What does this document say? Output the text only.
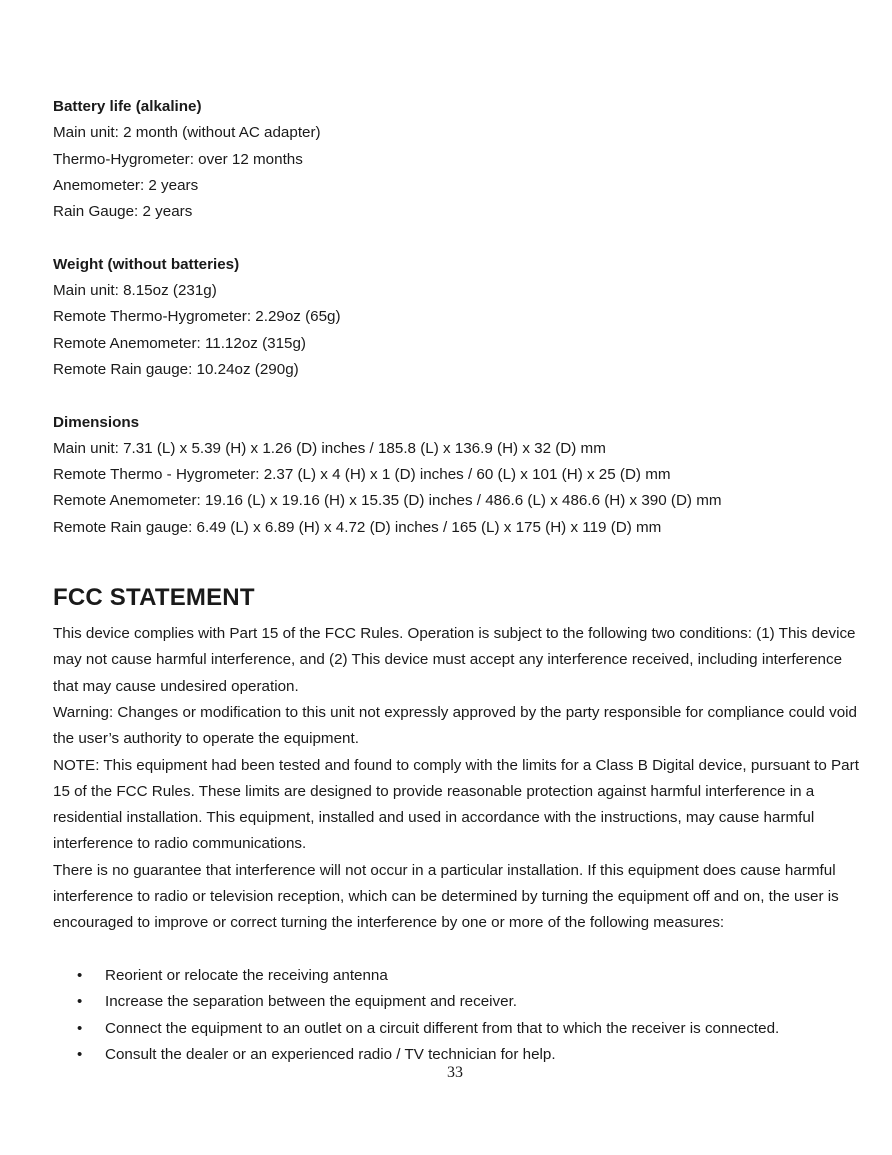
Battery life (alkaline)
Main unit: 2 month (without AC adapter)
Thermo-Hygrometer: over 12 months
Anemometer: 2 years
Rain Gauge: 2 years
Weight (without batteries)
Main unit: 8.15oz (231g)
Remote Thermo-Hygrometer: 2.29oz (65g)
Remote Anemometer: 11.12oz (315g)
Remote Rain gauge: 10.24oz (290g)
Dimensions
Main unit: 7.31 (L) x 5.39 (H) x 1.26 (D) inches / 185.8 (L) x 136.9 (H) x 32 (D) mm
Remote Thermo - Hygrometer: 2.37 (L) x 4 (H) x 1 (D) inches / 60 (L) x 101 (H) x 25 (D) mm
Remote Anemometer: 19.16 (L) x 19.16 (H) x 15.35 (D) inches / 486.6 (L) x 486.6 (H) x 390 (D) mm
Remote Rain gauge: 6.49 (L) x 6.89 (H) x 4.72 (D) inches / 165 (L) x 175 (H) x 119 (D) mm
FCC STATEMENT
This device complies with Part 15 of the FCC Rules. Operation is subject to the following two conditions: (1) This device may not cause harmful interference, and (2) This device must accept any interference received, including interference that may cause undesired operation.
Warning: Changes or modification to this unit not expressly approved by the party responsible for compliance could void the user’s authority to operate the equipment.
NOTE: This equipment had been tested and found to comply with the limits for a Class B Digital device, pursuant to Part 15 of the FCC Rules. These limits are designed to provide reasonable protection against harmful interference in a residential installation. This equipment, installed and used in accordance with the instructions, may cause harmful interference to radio communications.
There is no guarantee that interference will not occur in a particular installation. If this equipment does cause harmful interference to radio or television reception, which can be determined by turning the equipment off and on, the user is encouraged to improve or correct turning the interference by one or more of the following measures:
• Reorient or relocate the receiving antenna
• Increase the separation between the equipment and receiver.
• Connect the equipment to an outlet on a circuit different from that to which the receiver is connected.
• Consult the dealer or an experienced radio / TV technician for help.
33
